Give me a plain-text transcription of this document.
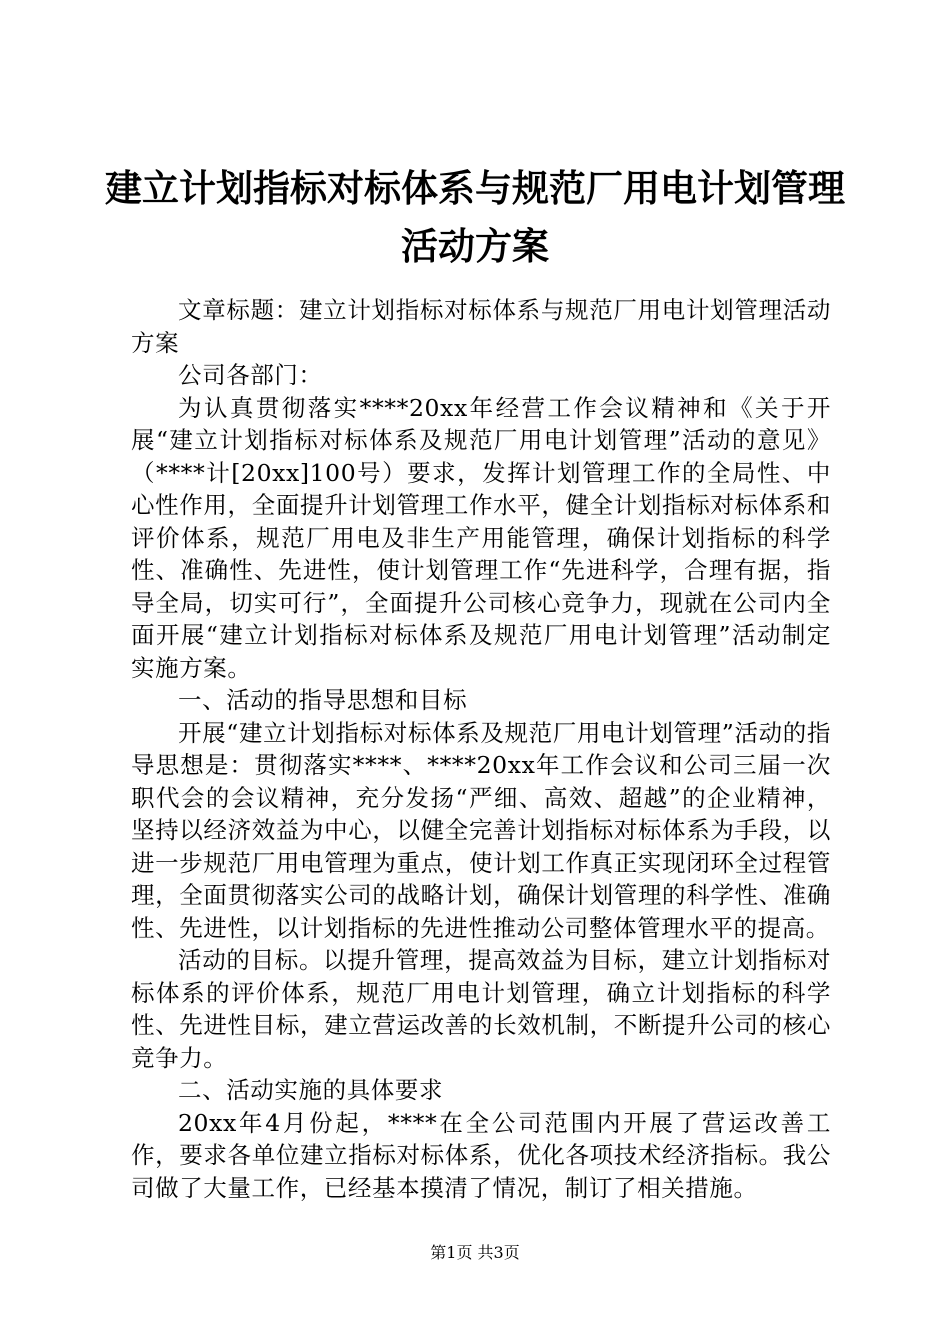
建立计划指标对标体系与规范厂用电计划管理
活动方案

文章标题：建立计划指标对标体系与规范厂用电计划管理活动方案

公司各部门：

为认真贯彻落实****20xx年经营工作会议精神和《关于开展“建立计划指标对标体系及规范厂用电计划管理”活动的意见》（****计[20xx]100号）要求，发挥计划管理工作的全局性、中心性作用，全面提升计划管理工作水平，健全计划指标对标体系和评价体系，规范厂用电及非生产用能管理，确保计划指标的科学性、准确性、先进性，使计划管理工作“先进科学，合理有据，指导全局，切实可行”，全面提升公司核心竞争力，现就在公司内全面开展“建立计划指标对标体系及规范厂用电计划管理”活动制定实施方案。

一、活动的指导思想和目标

开展“建立计划指标对标体系及规范厂用电计划管理”活动的指导思想是：贯彻落实****、****20xx年工作会议和公司三届一次职代会的会议精神，充分发扬“严细、高效、超越”的企业精神，坚持以经济效益为中心，以健全完善计划指标对标体系为手段，以进一步规范厂用电管理为重点，使计划工作真正实现闭环全过程管理，全面贯彻落实公司的战略计划，确保计划管理的科学性、准确性、先进性，以计划指标的先进性推动公司整体管理水平的提高。

活动的目标。以提升管理，提高效益为目标，建立计划指标对标体系的评价体系，规范厂用电计划管理，确立计划指标的科学性、先进性目标，建立营运改善的长效机制，不断提升公司的核心竞争力。

二、活动实施的具体要求

20xx年4月份起，****在全公司范围内开展了营运改善工作，要求各单位建立指标对标体系，优化各项技术经济指标。我公司做了大量工作，已经基本摸清了情况，制订了相关措施。

第1页 共3页
